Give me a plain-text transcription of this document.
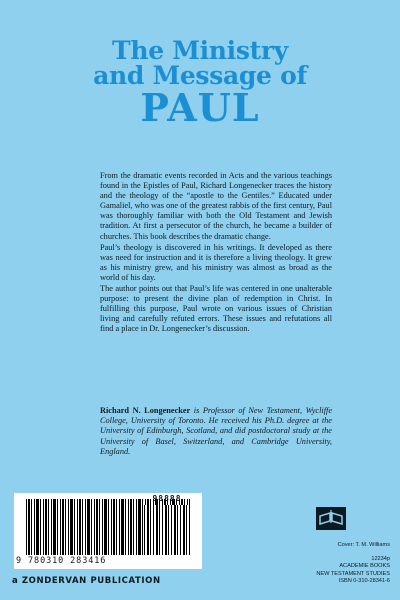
The Ministry
and Message of
PAUL

From the dramatic events recorded in Acts and the various teachings found in the Epistles of Paul, Richard Longenecker traces the history and the theology of the “apostle to the Gentiles.” Educated under Gamaliel, who was one of the greatest rabbis of the first century, Paul was thoroughly familiar with both the Old Testament and Jewish tradition. At first a persecutor of the church, he became a builder of churches. This book describes the dramatic change.

Paul’s theology is discovered in his writings. It developed as there was need for instruction and it is therefore a living theology. It grew as his ministry grew, and his ministry was almost as broad as the world of his day.

The author points out that Paul’s life was centered in one unalterable purpose: to present the divine plan of redemption in Christ. In fulfilling this purpose, Paul wrote on various issues of Christian living and carefully refuted errors. These issues and refutations all find a place in Dr. Longenecker’s discussion.

Richard N. Longenecker is Professor of New Testament, Wycliffe College, University of Toronto. He received his Ph.D. degree at the University of Edinburgh, Scotland, and did postdoctoral study at the University of Basel, Switzerland, and Cambridge University, England.
98888
9 780310 283416
a ZONDERVAN PUBLICATION
Cover: T. M. Williams
12234p
ACADEMIE BOOKS
NEW TESTAMENT STUDIES
ISBN 0-310-28341-6
